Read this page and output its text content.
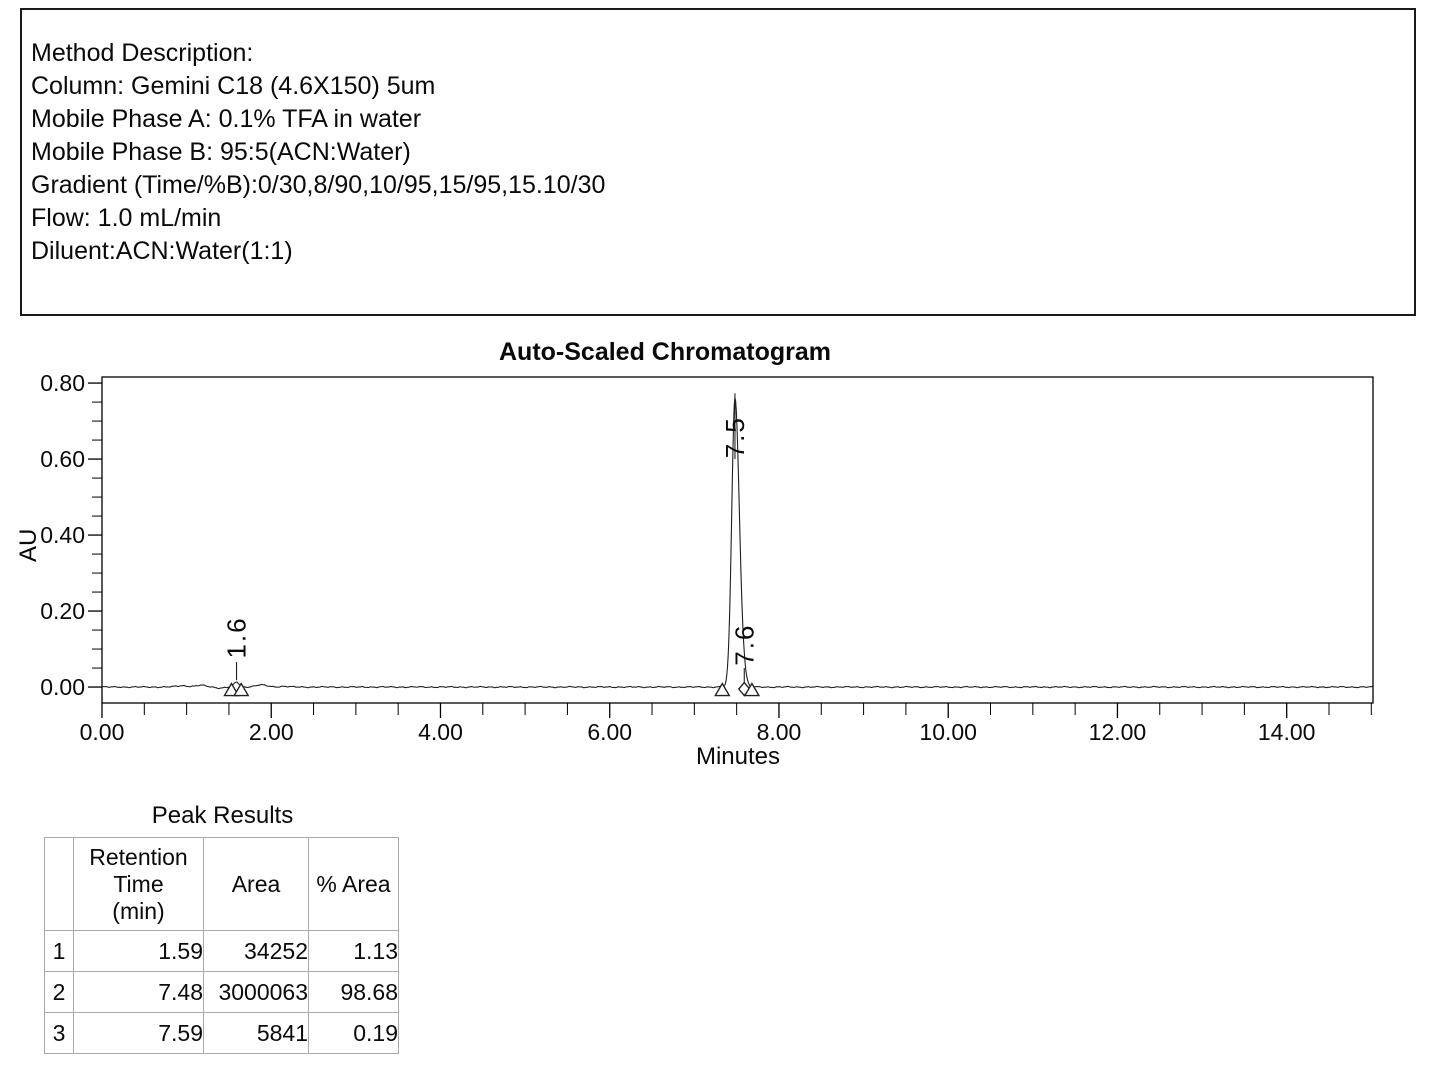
Method Description:
Column: Gemini C18 (4.6X150) 5um
Mobile Phase A: 0.1% TFA in water
Mobile Phase B: 95:5(ACN:Water)
Gradient (Time/%B):0/30,8/90,10/95,15/95,15.10/30
Flow: 1.0 mL/min
Diluent:ACN:Water(1:1)
Auto-Scaled Chromatogram
0.00
0.20
0.40
0.60
0.80
AU
0.00	2.00	4.00	6.00	8.00	10.00	12.00	14.00
Minutes
1.6
7.5
7.6
Peak Results

	Retention
Time
(min)	Area	% Area
1	1.59	34252	1.13
2	7.48	3000063	98.68
3	7.59	5841	0.19
